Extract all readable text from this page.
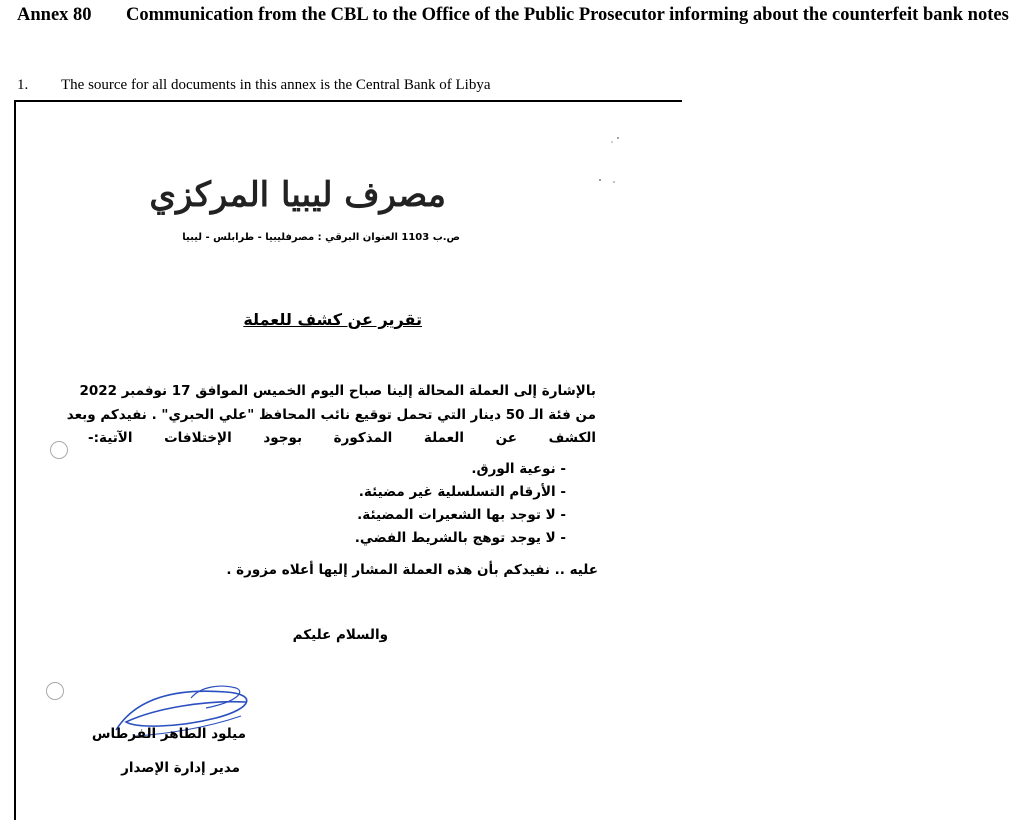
Annex 80 Communication from the CBL to the Office of the Public Prosecutor informing about the counterfeit bank notes
1. The source for all documents in this annex is the Central Bank of Libya
مصرف ليبيا المركزي
ص.ب 1103 العنوان البرقي : مصرفليبيا - طرابلس - ليبيا
تقرير عن كشف للعملة
بالإشارة إلى العملة المحالة إلينا صباح اليوم الخميس الموافق 17 نوفمبر 2022
من فئة الـ 50 دينار التي تحمل توقيع نائب المحافظ "علي الحبري" . نفيدكم وبعد
الكشف عن العملة المذكورة بوجود الإختلافات الآتية:-
- نوعية الورق.
- الأرقام التسلسلية غير مضيئة.
- لا توجد بها الشعيرات المضيئة.
- لا يوجد توهج بالشريط الفضي.
عليه .. نفيدكم بأن هذه العملة المشار إليها أعلاه مزورة .
والسلام عليكم
ميلود الطاهر الفرطاس
مدير إدارة الإصدار
